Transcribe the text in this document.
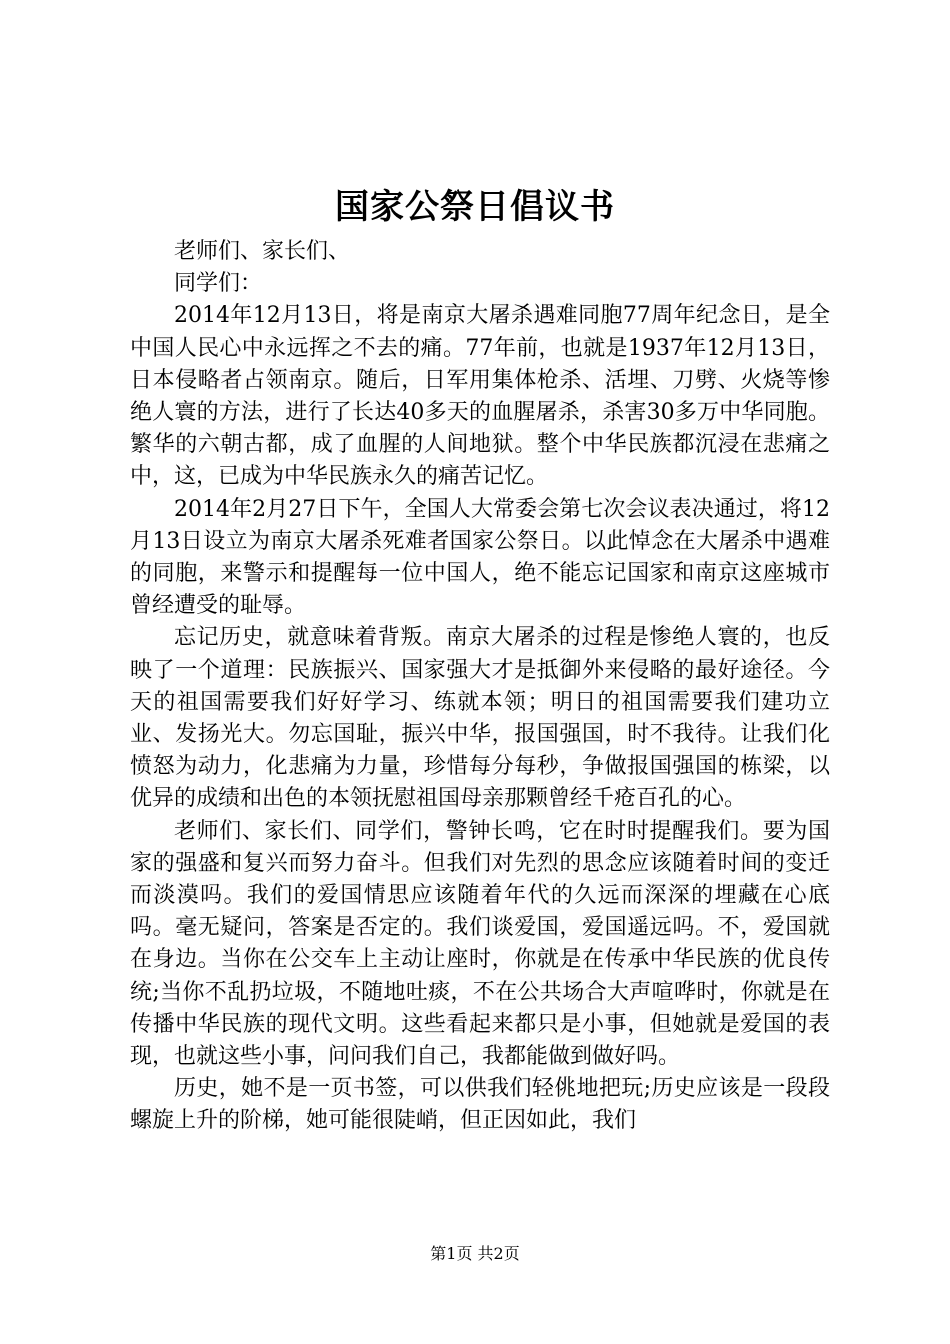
国家公祭日倡议书

老师们、家长们、

同学们：

2014年12月13日，将是南京大屠杀遇难同胞77周年纪念日，是全中国人民心中永远挥之不去的痛。77年前，也就是1937年12月13日，日本侵略者占领南京。随后，日军用集体枪杀、活埋、刀劈、火烧等惨绝人寰的方法，进行了长达40多天的血腥屠杀，杀害30多万中华同胞。繁华的六朝古都，成了血腥的人间地狱。整个中华民族都沉浸在悲痛之中，这，已成为中华民族永久的痛苦记忆。

2014年2月27日下午，全国人大常委会第七次会议表决通过，将12月13日设立为南京大屠杀死难者国家公祭日。以此悼念在大屠杀中遇难的同胞，来警示和提醒每一位中国人，绝不能忘记国家和南京这座城市曾经遭受的耻辱。

忘记历史，就意味着背叛。南京大屠杀的过程是惨绝人寰的，也反映了一个道理：民族振兴、国家强大才是抵御外来侵略的最好途径。今天的祖国需要我们好好学习、练就本领；明日的祖国需要我们建功立业、发扬光大。勿忘国耻，振兴中华，报国强国，时不我待。让我们化愤怒为动力，化悲痛为力量，珍惜每分每秒，争做报国强国的栋梁，以优异的成绩和出色的本领抚慰祖国母亲那颗曾经千疮百孔的心。

老师们、家长们、同学们，警钟长鸣，它在时时提醒我们。要为国家的强盛和复兴而努力奋斗。但我们对先烈的思念应该随着时间的变迁而淡漠吗。我们的爱国情思应该随着年代的久远而深深的埋藏在心底吗。毫无疑问，答案是否定的。我们谈爱国，爱国遥远吗。不，爱国就在身边。当你在公交车上主动让座时，你就是在传承中华民族的优良传统;当你不乱扔垃圾，不随地吐痰，不在公共场合大声喧哗时，你就是在传播中华民族的现代文明。这些看起来都只是小事，但她就是爱国的表现，也就这些小事，问问我们自己，我都能做到做好吗。

历史，她不是一页书签，可以供我们轻佻地把玩;历史应该是一段段螺旋上升的阶梯，她可能很陡峭，但正因如此，我们

第1页 共2页
